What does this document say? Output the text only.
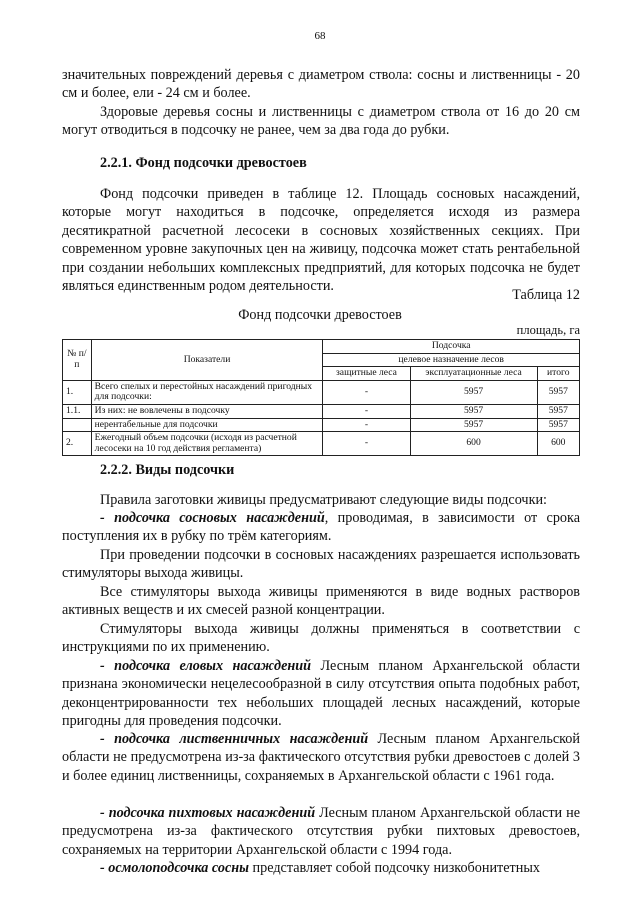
68

значительных повреждений деревья с диаметром ствола: сосны и лиственницы - 20 см и более, ели - 24 см и более.

Здоровые деревья сосны и лиственницы с диаметром ствола от 16 до 20 см могут отводиться в подсочку не ранее, чем за два года до рубки.

2.2.1. Фонд подсочки древостоев

Фонд подсочки приведен в таблице 12. Площадь сосновых насаждений, которые могут находиться в подсочке, определяется исходя из размера десятикратной расчетной лесосеки в сосновых хозяйственных секциях. При современном уровне закупочных цен на живицу, подсочка может стать рентабельной при создании небольших комплексных предприятий, для которых подсочка не будет являться единственным родом деятельности.

Таблица 12
Фонд подсочки древостоев
площадь, га
№ п/п	Показатели	Подсочка		
		целевое назначение лесов		
		защитные леса	эксплуатационные леса	итого
1.	Всего спелых и перестойных насаждений пригодных для подсочки:	-	5957	5957
1.1.	Из них: не вовлечены в подсочку	-	5957	5957
	нерентабельные для подсочки	-	5957	5957
2.	Ежегодный объем подсочки (исходя из расчетной лесосеки на 10 год действия регламента)	-	600	600

2.2.2. Виды подсочки

Правила заготовки живицы предусматривают следующие виды подсочки:

- подсочка сосновых насаждений, проводимая, в зависимости от срока поступления их в рубку по трём категориям.

При проведении подсочки в сосновых насаждениях разрешается использовать стимуляторы выхода живицы.

Все стимуляторы выхода живицы применяются в виде водных растворов активных веществ и их смесей разной концентрации.

Стимуляторы выхода живицы должны применяться в соответствии с инструкциями по их применению.

- подсочка еловых насаждений Лесным планом Архангельской области признана экономически нецелесообразной в силу отсутствия опыта подобных работ, деконцентрированности тех небольших площадей лесных насаждений, которые пригодны для проведения подсочки.

- подсочка лиственничных насаждений Лесным планом Архангельской области не предусмотрена из-за фактического отсутствия рубки древостоев с долей 3 и более единиц лиственницы, сохраняемых в Архангельской области с 1961 года.

- подсочка пихтовых насаждений Лесным планом Архангельской области не предусмотрена из-за фактического отсутствия рубки пихтовых древостоев, сохраняемых на территории Архангельской области с 1994 года.

- осмолоподсочка сосны представляет собой подсочку низкобонитетных
